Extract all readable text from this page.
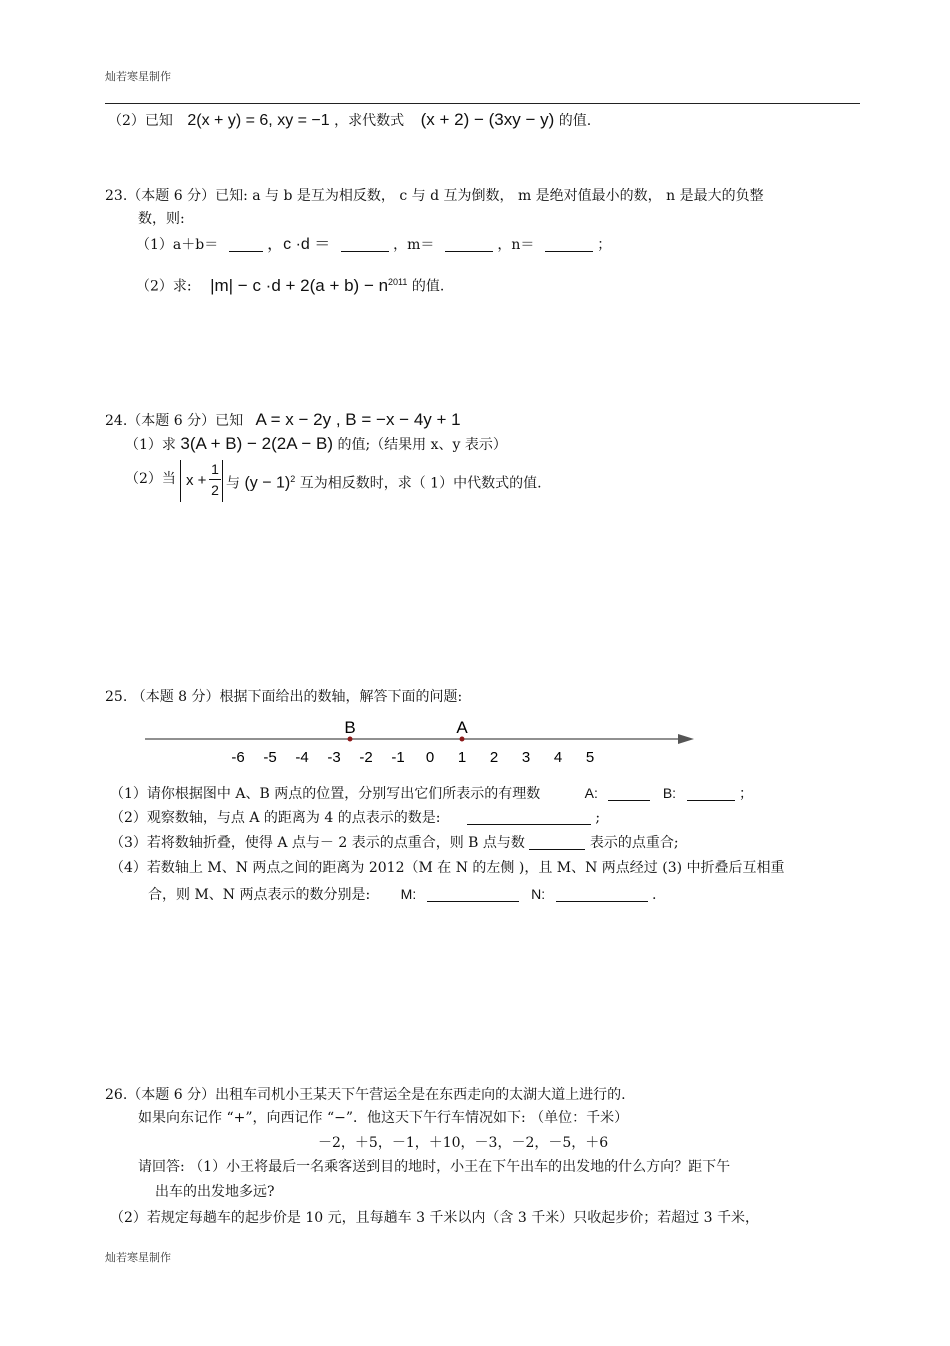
灿若寒星制作
（2）已知 2(x + y) = 6, xy = −1 ，求代数式 (x + 2) − (3xy − y) 的值.
23.（本题 6 分）已知: a 与 b 是互为相反数， c 与 d 互为倒数， m 是绝对值最小的数， n 是最大的负整
数，则:
（1）a＋b＝	，c ·d ＝	，m＝	，n＝	；
（2）求: $|m| - c \cdot d + 2(a + b) - n^{2011}$ 的值.
24.（本题 6 分）已知 A = x − 2y , B = −x − 4y + 1
（1）求 3(A + B) − 2(2A − B) 的值;（结果用 x、y 表示）
（2）当 x +
1
2 与 $(y - 1)^2$ 互为相反数时，求（ 1）中代数式的值.
25. （本题 8 分）根据下面给出的数轴，解答下面的问题:
-6 -5 -4 -3 -2 -1 0 1 2 3 4 5
B	A
（1）请你根据图中 A、B 两点的位置，分别写出它们所表示的有理数	A:	B:	；
（2）观察数轴，与点 A 的距离为 4 的点表示的数是:	;
（3）若将数轴折叠，使得 A 点与－ 2 表示的点重合，则 B 点与数	表示的点重合;
（4）若数轴上 M、N 两点之间的距离为 2012（M 在 N 的左侧 )，且 M、N 两点经过 (3) 中折叠后互相重
合，则 M、N 两点表示的数分别是: M:	N:	.
26.（本题 6 分）出租车司机小王某天下午营运全是在东西走向的太湖大道上进行的.
如果向东记作 “+”，向西记作 “−”．他这天下午行车情况如下: （单位：千米）
－2，＋5，－1，＋10，－3，－2，－5，＋6
请回答: （1）小王将最后一名乘客送到目的地时，小王在下午出车的出发地的什么方向？距下午
出车的出发地多远?
（2）若规定每趟车的起步价是 10 元，且每趟车 3 千米以内（含 3 千米）只收起步价；若超过 3 千米，
灿若寒星制作
